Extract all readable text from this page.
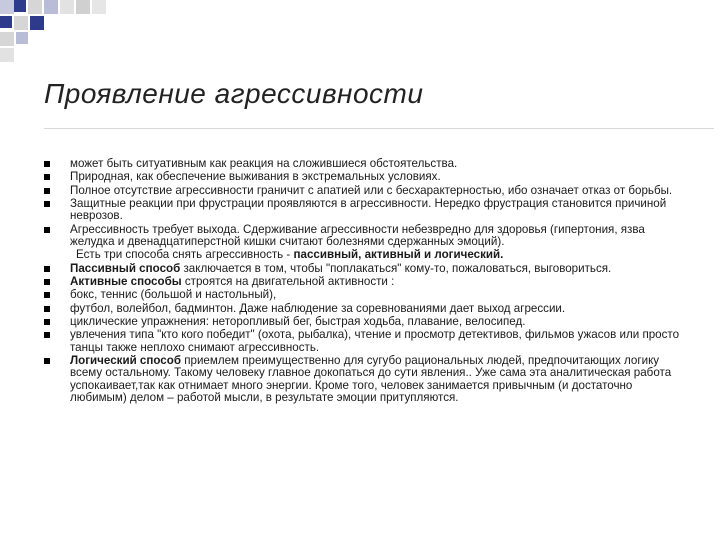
Проявление агрессивности
может быть ситуативным как реакция на сложившиеся обстоятельства.
Природная, как обеспечение выживания в экстремальных условиях.
Полное отсутствие агрессивности граничит с апатией или с бесхарактерностью, ибо означает отказ от борьбы.
Защитные реакции при фрустрации проявляются в агрессивности. Нередко фрустрация становится причиной неврозов.
Агрессивность требует выхода. Сдерживание агрессивности небезвредно для здоровья (гипертония, язва желудка и двенадцатиперстной кишки считают болезнями сдержанных эмоций).
Есть три способа снять агрессивность - пассивный, активный и логический.
Пассивный способ заключается в том, чтобы "поплакаться" кому-то, пожаловаться, выговориться.
Активные способы строятся на двигательной активности :
бокс, теннис (большой и настольный),
футбол, волейбол, бадминтон. Даже наблюдение за соревнованиями дает выход агрессии.
циклические упражнения: неторопливый бег, быстрая ходьба, плавание, велосипед.
увлечения типа "кто кого победит" (охота, рыбалка), чтение и просмотр детективов, фильмов ужасов или просто танцы также неплохо снимают агрессивность.
Логический способ приемлем преимущественно для сугубо рациональных людей, предпочитающих логику всему остальному. Такому человеку главное докопаться до сути явления.. Уже сама эта аналитическая работа успокаивает,так как отнимает много энергии. Кроме того, человек занимается привычным (и достаточно любимым) делом – работой мысли, в результате эмоции притупляются.
